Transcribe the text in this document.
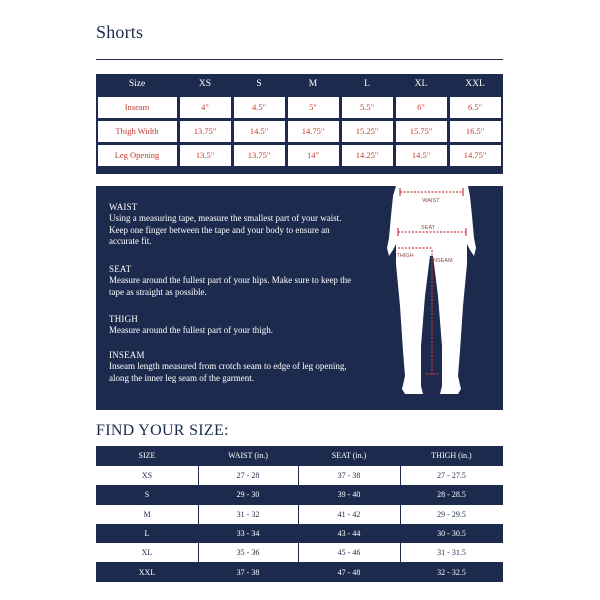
Shorts
Size	XS	S	M	L	XL	XXL
Inseam	4"	4.5"	5"	5.5"	6"	6.5"
Thigh Width	13.75"	14.5"	14.75"	15.25"	15.75"	16.5"
Leg Opening	13.5"	13.75"	14"	14.25"	14.5"	14.75"
WAIST
Using a measuring tape, measure the smallest part of your waist. Keep one finger between the tape and your body to ensure an accurate fit.
SEAT
Measure around the fullest part of your hips. Make sure to keep the tape as straight as possible.
THIGH
Measure around the fullest part of your thigh.
INSEAM
Inseam length measured from crotch seam to edge of leg opening, along the inner leg seam of the garment.
WAIST
SEAT
THIGH
INSEAM
FIND YOUR SIZE:
SIZE	WAIST (in.)	SEAT (in.)	THIGH (in.)
XS	27 - 28	37 - 38	27 - 27.5
S	29 - 30	39 - 40	28 - 28.5
M	31 - 32	41 - 42	29 - 29.5
L	33 - 34	43 - 44	30 - 30.5
XL	35 - 36	45 - 46	31 - 31.5
XXL	37 - 38	47 - 48	32 - 32.5
